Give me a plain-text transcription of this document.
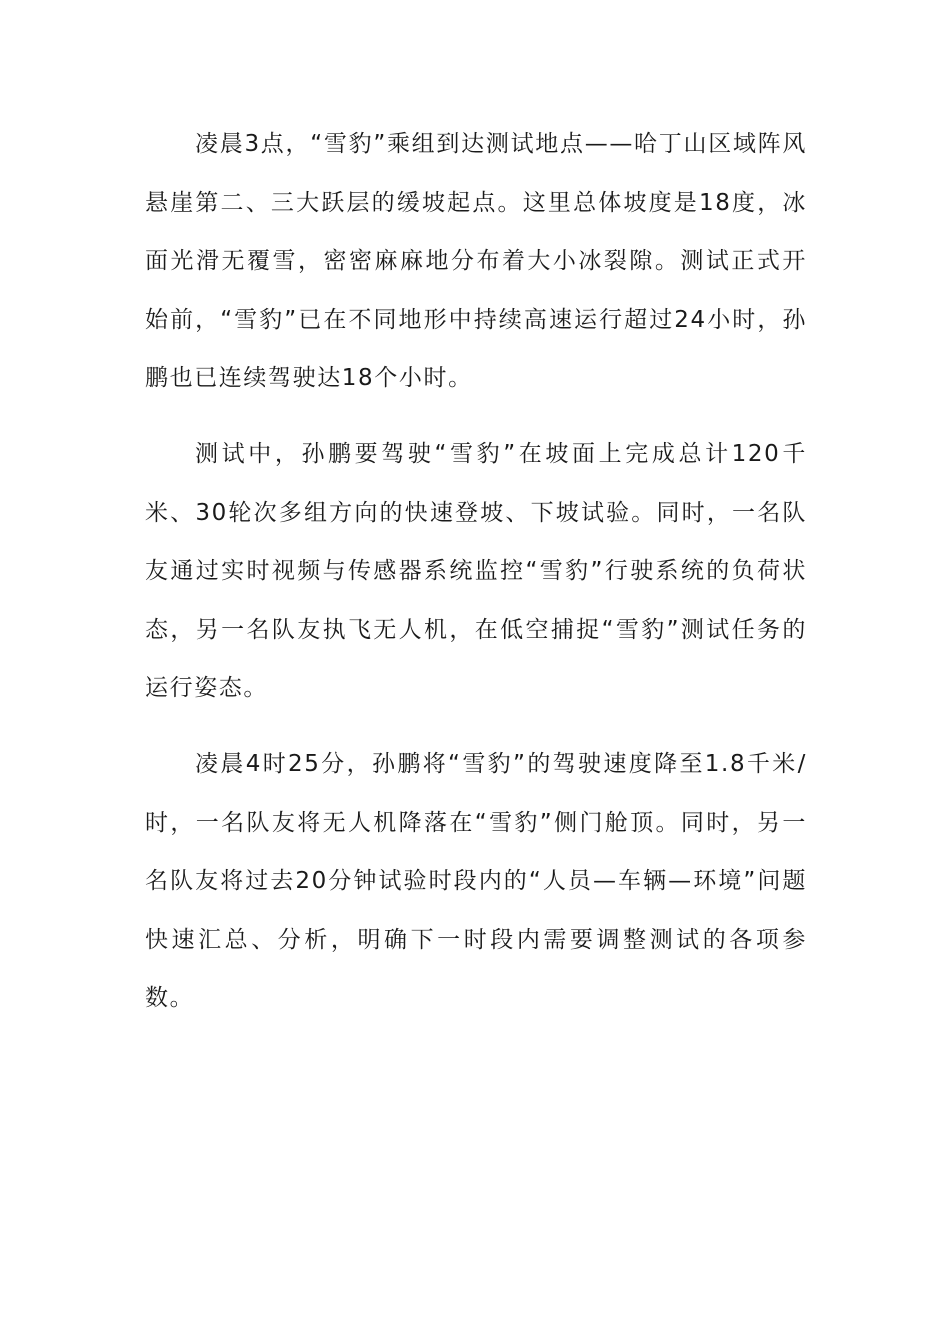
凌晨3点，“雪豹”乘组到达测试地点——哈丁山区域阵风悬崖第二、三大跃层的缓坡起点。这里总体坡度是18度，冰面光滑无覆雪，密密麻麻地分布着大小冰裂隙。测试正式开始前，“雪豹”已在不同地形中持续高速运行超过24小时，孙鹏也已连续驾驶达18个小时。

测试中，孙鹏要驾驶“雪豹”在坡面上完成总计120千米、30轮次多组方向的快速登坡、下坡试验。同时，一名队友通过实时视频与传感器系统监控“雪豹”行驶系统的负荷状态，另一名队友执飞无人机，在低空捕捉“雪豹”测试任务的运行姿态。

凌晨4时25分，孙鹏将“雪豹”的驾驶速度降至1.8千米/时，一名队友将无人机降落在“雪豹”侧门舱顶。同时，另一名队友将过去20分钟试验时段内的“人员—车辆—环境”问题快速汇总、分析，明确下一时段内需要调整测试的各项参数。
